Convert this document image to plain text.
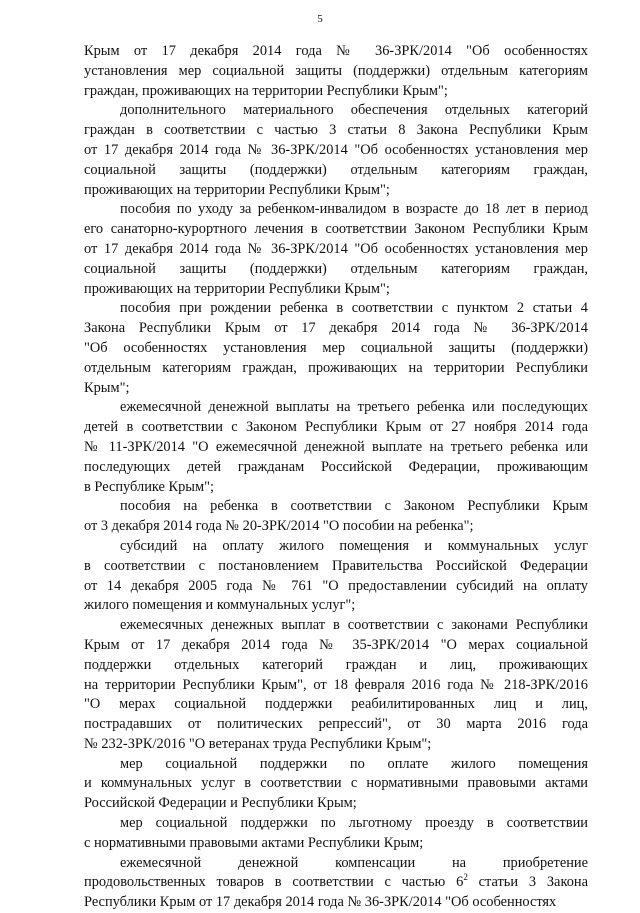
5
Крым от 17 декабря 2014 года № 36-ЗРК/2014 "Об особенностях
установления мер социальной защиты (поддержки) отдельным категориям
граждан, проживающих на территории Республики Крым";
дополнительного материального обеспечения отдельных категорий
граждан в соответствии с частью 3 статьи 8 Закона Республики Крым
от 17 декабря 2014 года № 36-ЗРК/2014 "Об особенностях установления мер
социальной защиты (поддержки) отдельным категориям граждан,
проживающих на территории Республики Крым";
пособия по уходу за ребенком-инвалидом в возрасте до 18 лет в период
его санаторно-курортного лечения в соответствии Законом Республики Крым
от 17 декабря 2014 года № 36-ЗРК/2014 "Об особенностях установления мер
социальной защиты (поддержки) отдельным категориям граждан,
проживающих на территории Республики Крым";
пособия при рождении ребенка в соответствии с пунктом 2 статьи 4
Закона Республики Крым от 17 декабря 2014 года № 36-ЗРК/2014
"Об особенностях установления мер социальной защиты (поддержки)
отдельным категориям граждан, проживающих на территории Республики
Крым";
ежемесячной денежной выплаты на третьего ребенка или последующих
детей в соответствии с Законом Республики Крым от 27 ноября 2014 года
№ 11-ЗРК/2014 "О ежемесячной денежной выплате на третьего ребенка или
последующих детей гражданам Российской Федерации, проживающим
в Республике Крым";
пособия на ребенка в соответствии с Законом Республики Крым
от 3 декабря 2014 года № 20-ЗРК/2014 "О пособии на ребенка";
субсидий на оплату жилого помещения и коммунальных услуг
в соответствии с постановлением Правительства Российской Федерации
от 14 декабря 2005 года № 761 "О предоставлении субсидий на оплату
жилого помещения и коммунальных услуг";
ежемесячных денежных выплат в соответствии с законами Республики
Крым от 17 декабря 2014 года № 35-ЗРК/2014 "О мерах социальной
поддержки отдельных категорий граждан и лиц, проживающих
на территории Республики Крым", от 18 февраля 2016 года № 218-ЗРК/2016
"О мерах социальной поддержки реабилитированных лиц и лиц,
пострадавших от политических репрессий", от 30 марта 2016 года
№ 232-ЗРК/2016 "О ветеранах труда Республики Крым";
мер социальной поддержки по оплате жилого помещения
и коммунальных услуг в соответствии с нормативными правовыми актами
Российской Федерации и Республики Крым;
мер социальной поддержки по льготному проезду в соответствии
с нормативными правовыми актами Республики Крым;
ежемесячной денежной компенсации на приобретение
продовольственных товаров в соответствии с частью $6^2$ статьи 3 Закона
Республики Крым от 17 декабря 2014 года № 36-ЗРК/2014 "Об особенностях
